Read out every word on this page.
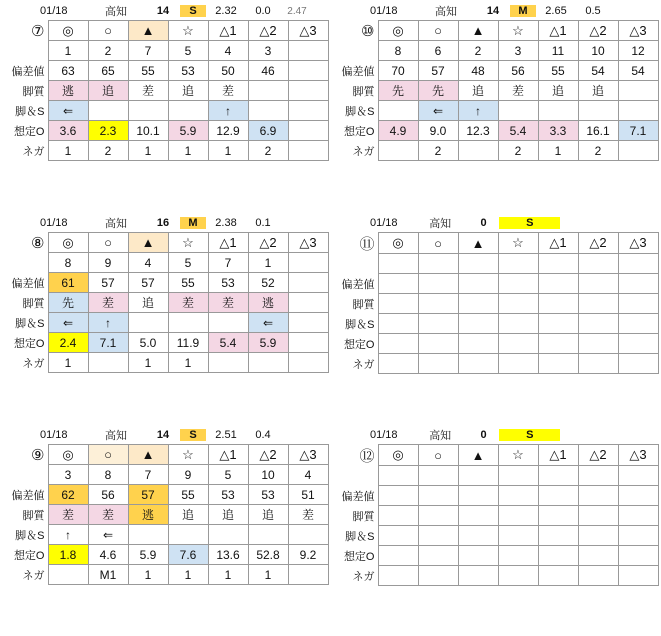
01/18	高知	14	S	2.32	0.0	2.47
⑦	◎	○	▲	☆	△1	△2	△3
	1	2	7	5	4	3	
偏差値	63	65	55	53	50	46	
脚質	逃	追	差	追	差		
脚＆S	⇐				↑		
想定O	3.6	2.3	10.1	5.9	12.9	6.9	
ネガ	1	2	1	1	1	2	
01/18	高知	14	M	2.65	0.5
⑩	◎	○	▲	☆	△1	△2	△3
	8	6	2	3	11	10	12
偏差値	70	57	48	56	55	54	54
脚質	先	先	追	差	追	追	
脚＆S		⇐	↑				
想定O	4.9	9.0	12.3	5.4	3.3	16.1	7.1
ネガ		2		2	1	2	
01/18	高知	16	M	2.38	0.1
⑧	◎	○	▲	☆	△1	△2	△3
	8	9	4	5	7	1	
偏差値	61	57	57	55	53	52	
脚質	先	差	追	差	差	逃	
脚＆S	⇐	↑				⇐	
想定O	2.4	7.1	5.0	11.9	5.4	5.9	
ネガ	1		1	1			
01/18	高知	0	S
⑪	◎	○	▲	☆	△1	△2	△3

偏差値							
脚質							
脚＆S							
想定O							
ネガ							
01/18	高知	14	S	2.51	0.4
⑨	◎	○	▲	☆	△1	△2	△3
	3	8	7	9	5	10	4
偏差値	62	56	57	55	53	53	51
脚質	差	差	逃	追	追	追	差
脚＆S	↑	⇐					
想定O	1.8	4.6	5.9	7.6	13.6	52.8	9.2
ネガ		M1	1	1	1	1	
01/18	高知	0	S
⑫	◎	○	▲	☆	△1	△2	△3

偏差値							
脚質							
脚＆S							
想定O							
ネガ							
